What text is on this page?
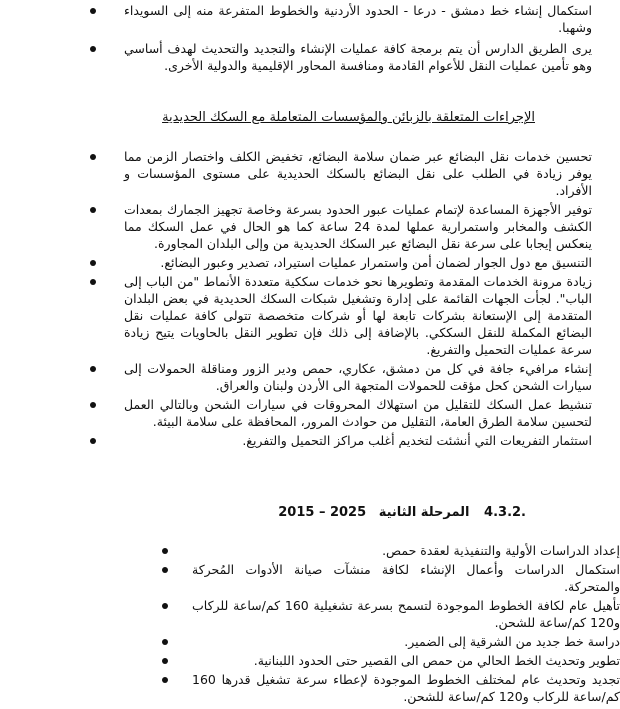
استكمال إنشاء خط دمشق - درعا - الحدود الأردنية والخطوط المتفرعة منه إلى السويداء وشهبا.
يرى الطريق الدارس أن يتم برمجة كافة عمليات الإنشاء والتجديد والتحديث لهدف أساسي وهو تأمين عمليات النقل للأعوام القادمة ومنافسة المحاور الإقليمية والدولية الأخرى.
الإجراءات المتعلقة بالزبائن والمؤسسات المتعاملة مع السكك الحديدية
تحسين خدمات نقل البضائع عبر ضمان سلامة البضائع، تخفيض الكلف واختصار الزمن مما يوفر زيادة في الطلب على نقل البضائع بالسكك الحديدية على مستوى المؤسسات و الأفراد.
توفير الأجهزة المساعدة لإتمام عمليات عبور الحدود بسرعة وخاصة تجهيز الجمارك بمعدات الكشف والمخابر واستمرارية عملها لمدة 24 ساعة كما هو الحال في عمل السكك مما ينعكس إيجابا على سرعة نقل البضائع عبر السكك الحديدية من وإلى البلدان المجاورة.
التنسيق مع دول الجوار لضمان أمن واستمرار عمليات استيراد، تصدير وعبور البضائع.
زيادة مرونة الخدمات المقدمة وتطويرها نحو خدمات سككية متعددة الأنماط "من الباب إلى الباب". لجأت الجهات القائمة على إدارة وتشغيل شبكات السكك الحديدية في بعض البلدان المتقدمة إلى الإستعانة بشركات تابعة لها أو شركات متخصصة تتولى كافة عمليات نقل البضائع المكملة للنقل السككي. بالإضافة إلى ذلك فإن تطوير النقل بالحاويات يتيح زيادة سرعة عمليات التحميل والتفريغ.
إنشاء مرافيء جافة في كل من دمشق، عكاري، حمص ودير الزور ومناقلة الحمولات إلى سيارات الشحن كحل مؤقت للحمولات المتجهة الى الأردن ولبنان والعراق.
تنشيط عمل السكك للتقليل من استهلاك المحروقات في سيارات الشحن وبالتالي العمل لتحسين سلامة الطرق العامة، التقليل من حوادث المرور، المحافظة على سلامة البيئة.
استثمار التفريعات التي أنشئت لتخديم أغلب مراكز التحميل والتفريغ.
4.3.2. المرحلة الثانية 2015 – 2025
إعداد الدراسات الأولية والتنفيذية لعقدة حمص.
استكمال الدراسات وأعمال الإنشاء لكافة منشآت صيانة الأدوات المُحركة والمتحركة.
تأهيل عام لكافة الخطوط الموجودة لتسمح بسرعة تشغيلية 160 كم/ساعة للركاب و120 كم/ساعة للشحن.
دراسة خط جديد من الشرقية إلى الضمير.
تطوير وتحديث الخط الحالي من حمص الى القصير حتى الحدود اللبنانية.
تجديد وتحديث عام لمختلف الخطوط الموجودة لإعطاء سرعة تشغيل قدرها 160 كم/ساعة للركاب و120 كم/ساعة للشحن.
